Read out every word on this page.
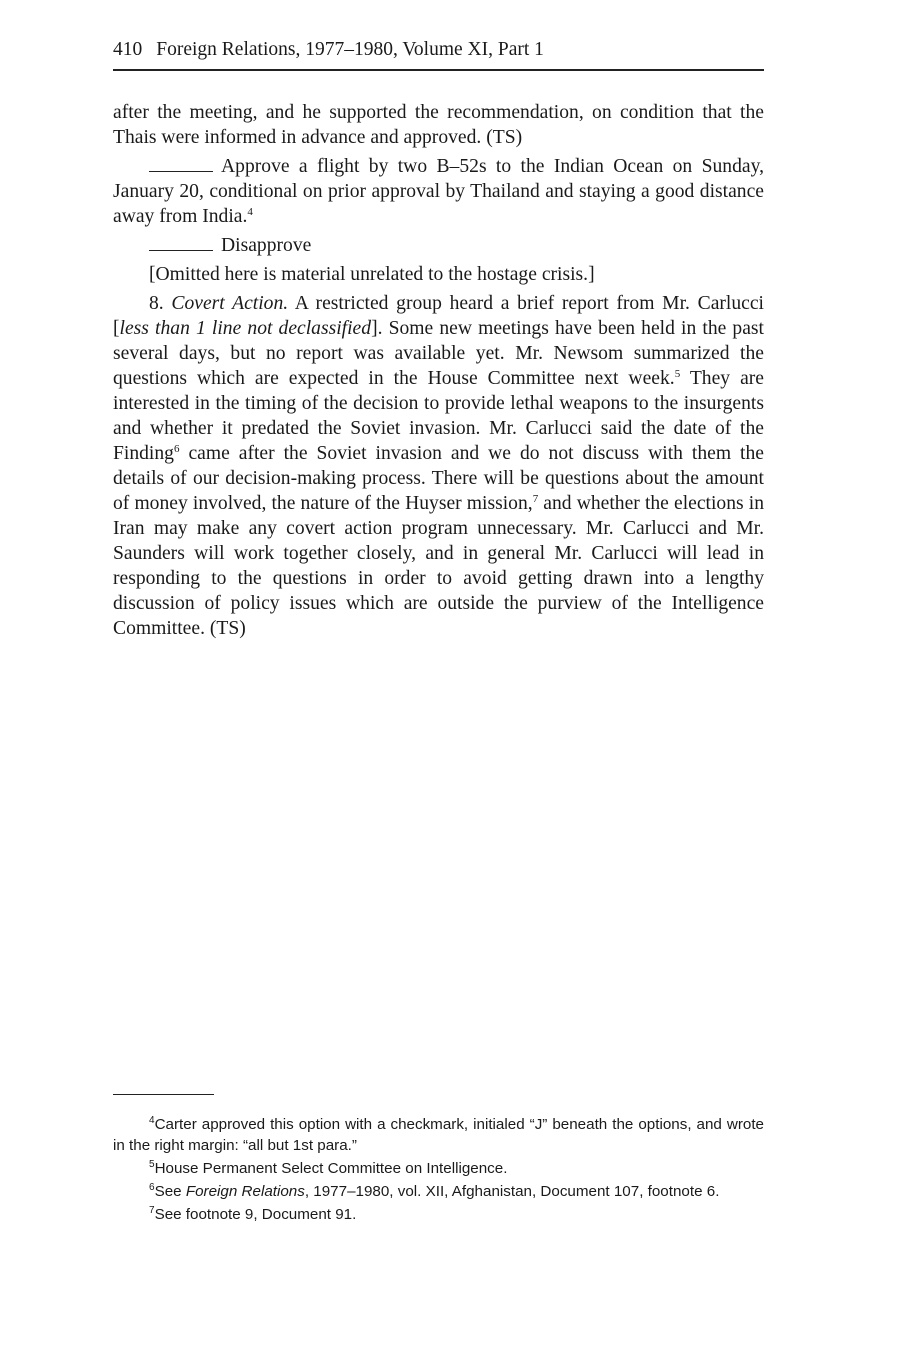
410 Foreign Relations, 1977–1980, Volume XI, Part 1

after the meeting, and he supported the recommendation, on condition that the Thais were informed in advance and approved. (TS)

Approve a flight by two B–52s to the Indian Ocean on Sunday, January 20, conditional on prior approval by Thailand and staying a good distance away from India.$^4$

Disapprove

[Omitted here is material unrelated to the hostage crisis.]

8. Covert Action. A restricted group heard a brief report from Mr. Carlucci [less than 1 line not declassified]. Some new meetings have been held in the past several days, but no report was available yet. Mr. Newsom summarized the questions which are expected in the House Committee next week.$^5$ They are interested in the timing of the decision to provide lethal weapons to the insurgents and whether it predated the Soviet invasion. Mr. Carlucci said the date of the Finding$^6$ came after the Soviet invasion and we do not discuss with them the details of our decision-making process. There will be questions about the amount of money involved, the nature of the Huyser mission,$^7$ and whether the elections in Iran may make any covert action program unnecessary. Mr. Carlucci and Mr. Saunders will work together closely, and in general Mr. Carlucci will lead in responding to the questions in order to avoid getting drawn into a lengthy discussion of policy issues which are outside the purview of the Intelligence Committee. (TS)

$^4$Carter approved this option with a checkmark, initialed “J” beneath the options, and wrote in the right margin: “all but 1st para.”

$^5$House Permanent Select Committee on Intelligence.

$^6$See Foreign Relations, 1977–1980, vol. XII, Afghanistan, Document 107, footnote 6.

$^7$See footnote 9, Document 91.
